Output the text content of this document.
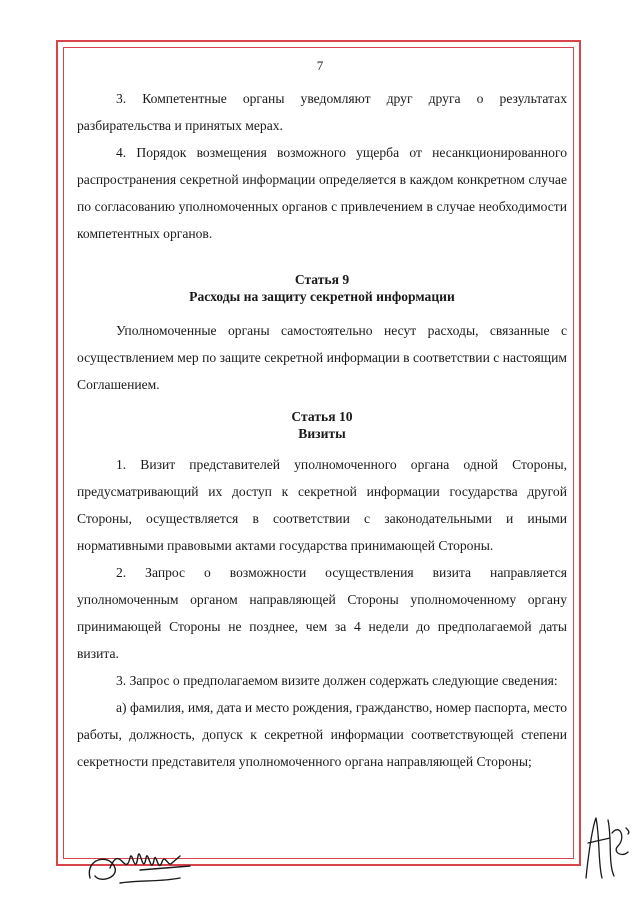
7

3. Компетентные органы уведомляют друг друга о результатах разбирательства и принятых мерах.

4. Порядок возмещения возможного ущерба от несанкционированного распространения секретной информации определяется в каждом конкретном случае по согласованию уполномоченных органов с привлечением в случае необходимости компетентных органов.

Статья 9
Расходы на защиту секретной информации

Уполномоченные органы самостоятельно несут расходы, связанные с осуществлением мер по защите секретной информации в соответствии с настоящим Соглашением.

Статья 10
Визиты

1. Визит представителей уполномоченного органа одной Стороны, предусматривающий их доступ к секретной информации государства другой Стороны, осуществляется в соответствии с законодательными и иными нормативными правовыми актами государства принимающей Стороны.

2. Запрос о возможности осуществления визита направляется уполномоченным органом направляющей Стороны уполномоченному органу принимающей Стороны не позднее, чем за 4 недели до предполагаемой даты визита.

3. Запрос о предполагаемом визите должен содержать следующие сведения:

а) фамилия, имя, дата и место рождения, гражданство, номер паспорта, место работы, должность, допуск к секретной информации соответствующей степени секретности представителя уполномоченного органа направляющей Стороны;
